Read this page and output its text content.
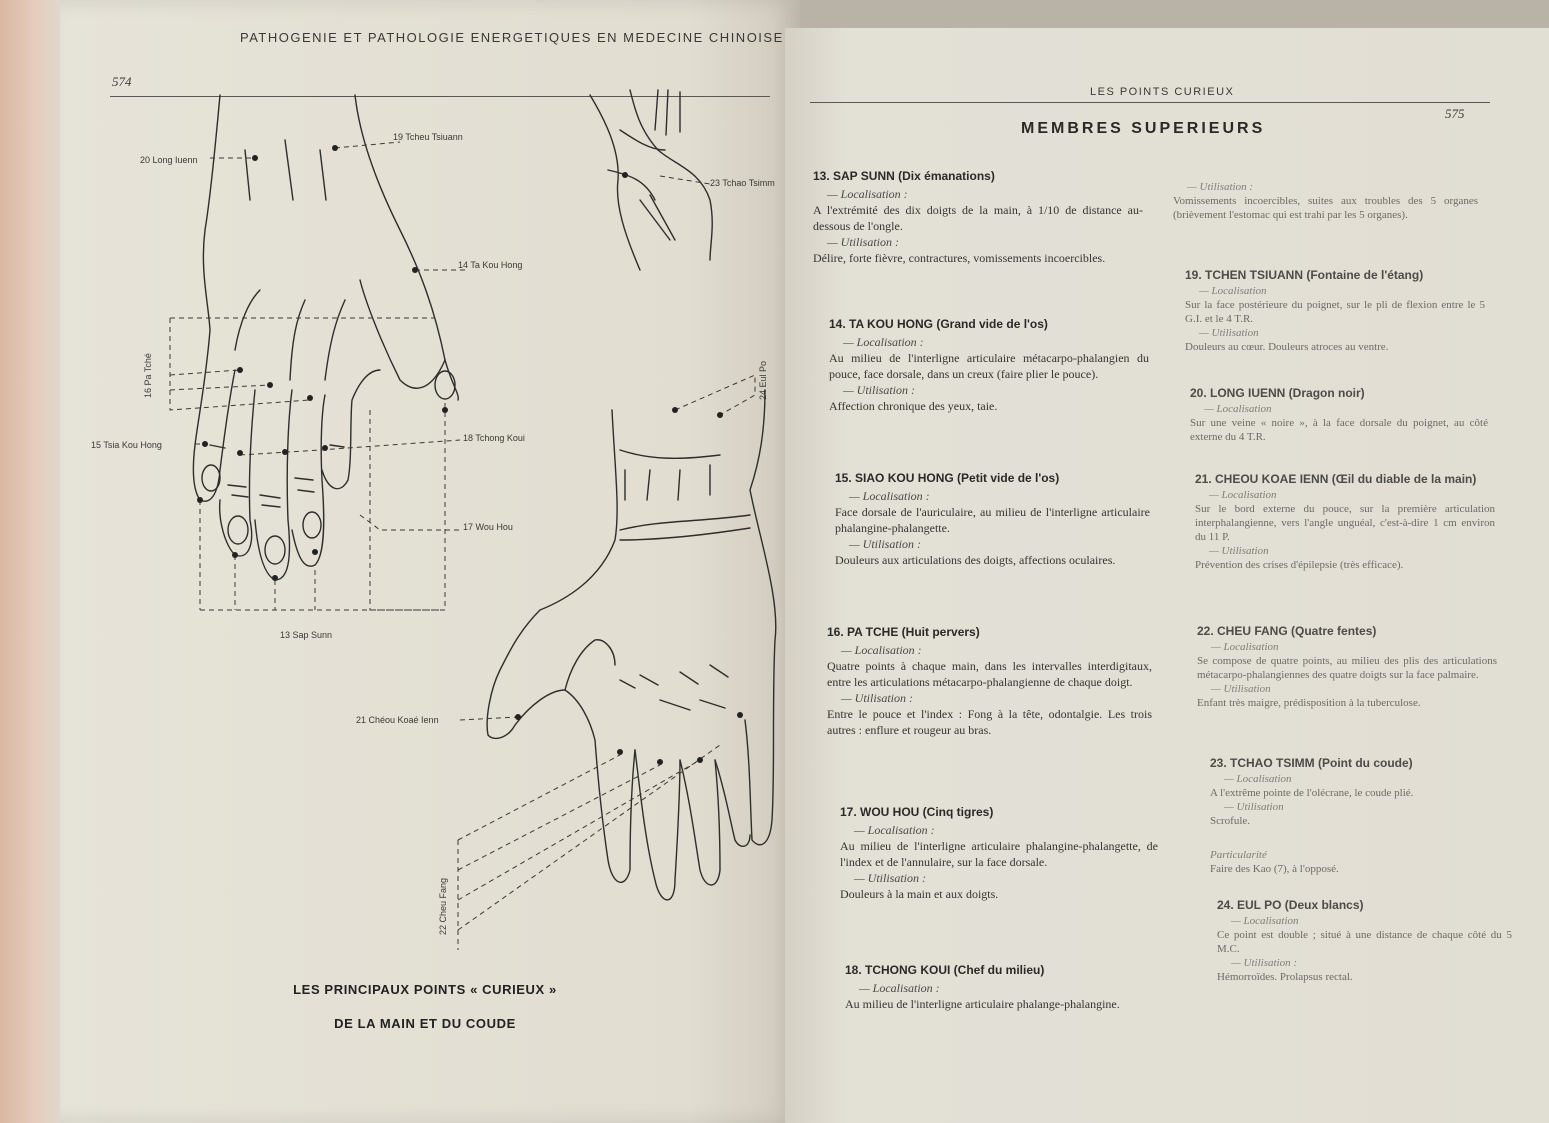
PATHOGENIE ET PATHOLOGIE ENERGETIQUES EN MEDECINE CHINOISE
574
20 Long Iuenn
19 Tcheu Tsiuann
23 Tchao Tsimm
14 Ta Kou Hong
16 Pa Tché	24 Eul Po
15 Tsia Kou Hong
18 Tchong Koui
17 Wou Hou
13 Sap Sunn
21 Chéou Koaé Ienn
22 Cheu Fang
LES PRINCIPAUX POINTS « CURIEUX »
DE LA MAIN ET DU COUDE
LES POINTS CURIEUX
575
MEMBRES SUPERIEURS
13. SAP SUNN (Dix émanations)
— Localisation :
A l'extrémité des dix doigts de la main, à 1/10 de distance au-dessous de l'ongle.
— Utilisation :
Délire, forte fièvre, contractures, vomissements incoercibles.
14. TA KOU HONG (Grand vide de l'os)
— Localisation :
Au milieu de l'interligne articulaire métacarpo-phalangien du pouce, face dorsale, dans un creux (faire plier le pouce).
— Utilisation :
Affection chronique des yeux, taie.
15. SIAO KOU HONG (Petit vide de l'os)
— Localisation :
Face dorsale de l'auriculaire, au milieu de l'interligne articulaire phalangine-phalangette.
— Utilisation :
Douleurs aux articulations des doigts, affections oculaires.
16. PA TCHE (Huit pervers)
— Localisation :
Quatre points à chaque main, dans les intervalles interdigitaux, entre les articulations métacarpo-phalangienne de chaque doigt.
— Utilisation :
Entre le pouce et l'index : Fong à la tête, odontalgie. Les trois autres : enflure et rougeur au bras.
17. WOU HOU (Cinq tigres)
— Localisation :
Au milieu de l'interligne articulaire phalangine-phalangette, de l'index et de l'annulaire, sur la face dorsale.
— Utilisation :
Douleurs à la main et aux doigts.
18. TCHONG KOUI (Chef du milieu)
— Localisation :
Au milieu de l'interligne articulaire phalange-phalangine.
— Utilisation :
Vomissements incoercibles, suites aux troubles des 5 organes (brièvement l'estomac qui est trahi par les 5 organes).
19. TCHEN TSIUANN (Fontaine de l'étang)
— Localisation
Sur la face postérieure du poignet, sur le pli de flexion entre le 5 G.I. et le 4 T.R.
— Utilisation
Douleurs au cœur. Douleurs atroces au ventre.
20. LONG IUENN (Dragon noir)
— Localisation
Sur une veine « noire », à la face dorsale du poignet, au côté externe du 4 T.R.
21. CHEOU KOAE IENN (Œil du diable de la main)
— Localisation
Sur le bord externe du pouce, sur la première articulation interphalangienne, vers l'angle unguéal, c'est-à-dire 1 cm environ du 11 P.
— Utilisation
Prévention des crises d'épilepsie (très efficace).
22. CHEU FANG (Quatre fentes)
— Localisation
Se compose de quatre points, au milieu des plis des articulations métacarpo-phalangiennes des quatre doigts sur la face palmaire.
— Utilisation
Enfant très maigre, prédisposition à la tuberculose.
23. TCHAO TSIMM (Point du coude)
— Localisation
A l'extrême pointe de l'olécrane, le coude plié.
— Utilisation
Scrofule.
Particularité
Faire des Kao (7), à l'opposé.
24. EUL PO (Deux blancs)
— Localisation
Ce point est double ; situé à une distance de chaque côté du 5 M.C.
— Utilisation :
Hémorroïdes. Prolapsus rectal.
